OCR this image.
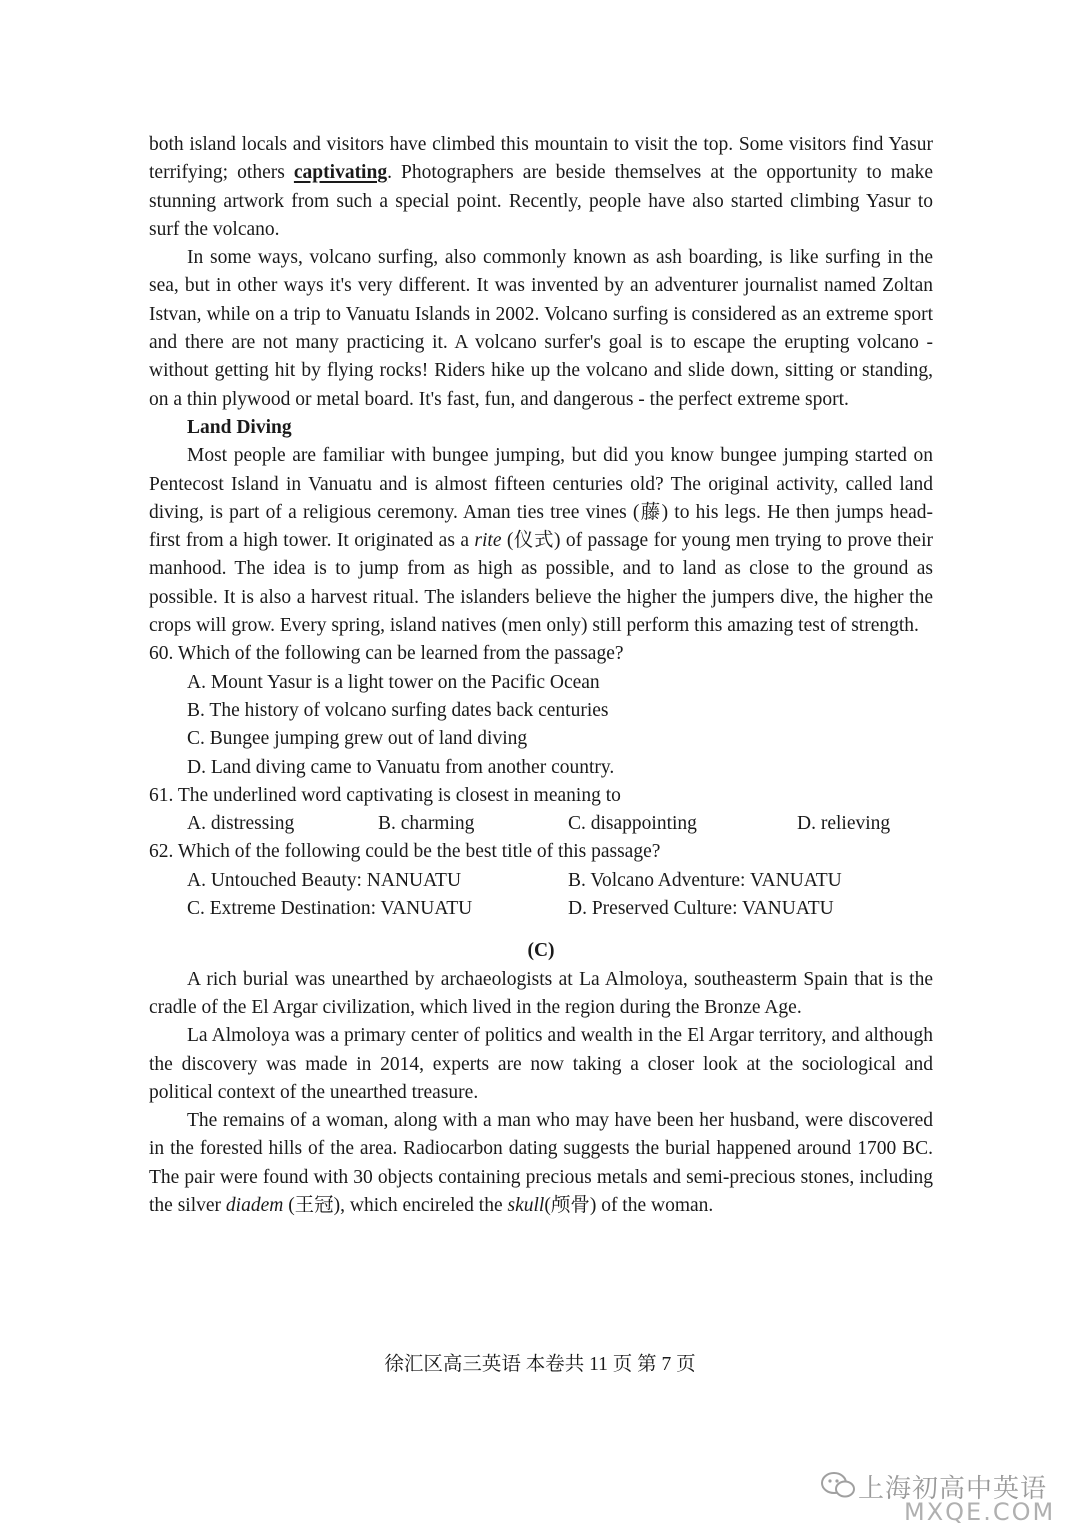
both island locals and visitors have climbed this mountain to visit the top. Some visitors find Yasur terrifying; others captivating. Photographers are beside themselves at the opportunity to make stunning artwork from such a special point. Recently, people have also started climbing Yasur to surf the volcano.

In some ways, volcano surfing, also commonly known as ash boarding, is like surfing in the sea, but in other ways it's very different. It was invented by an adventurer journalist named Zoltan Istvan, while on a trip to Vanuatu Islands in 2002. Volcano surfing is considered as an extreme sport and there are not many practicing it. A volcano surfer's goal is to escape the erupting volcano - without getting hit by flying rocks! Riders hike up the volcano and slide down, sitting or standing, on a thin plywood or metal board. It's fast, fun, and dangerous - the perfect extreme sport.

Land Diving

Most people are familiar with bungee jumping, but did you know bungee jumping started on Pentecost Island in Vanuatu and is almost fifteen centuries old? The original activity, called land diving, is part of a religious ceremony. Aman ties tree vines (藤) to his legs. He then jumps head-first from a high tower. It originated as a rite (仪式) of passage for young men trying to prove their manhood. The idea is to jump from as high as possible, and to land as close to the ground as possible. It is also a harvest ritual. The islanders believe the higher the jumpers dive, the higher the crops will grow. Every spring, island natives (men only) still perform this amazing test of strength.

60. Which of the following can be learned from the passage?

A. Mount Yasur is a light tower on the Pacific Ocean

B. The history of volcano surfing dates back centuries

C. Bungee jumping grew out of land diving

D. Land diving came to Vanuatu from another country.

61. The underlined word captivating is closest in meaning to

A. distressing	B. charming	C. disappointing	D. relieving

62. Which of the following could be the best title of this passage?

A. Untouched Beauty: NANUATU	B. Volcano Adventure: VANUATU
C. Extreme Destination: VANUATU	D. Preserved Culture: VANUATU

(C)

A rich burial was unearthed by archaeologists at La Almoloya, southeasterm Spain that is the cradle of the El Argar civilization, which lived in the region during the Bronze Age.

La Almoloya was a primary center of politics and wealth in the El Argar territory, and although the discovery was made in 2014, experts are now taking a closer look at the sociological and political context of the unearthed treasure.

The remains of a woman, along with a man who may have been her husband, were discovered in the forested hills of the area. Radiocarbon dating suggests the burial happened around 1700 BC. The pair were found with 30 objects containing precious metals and semi-precious stones, including the silver diadem (王冠), which encireled the skull(颅骨) of the woman.

徐汇区高三英语 本卷共 11 页 第 7 页
上海初高中英语
MXQE.COM
